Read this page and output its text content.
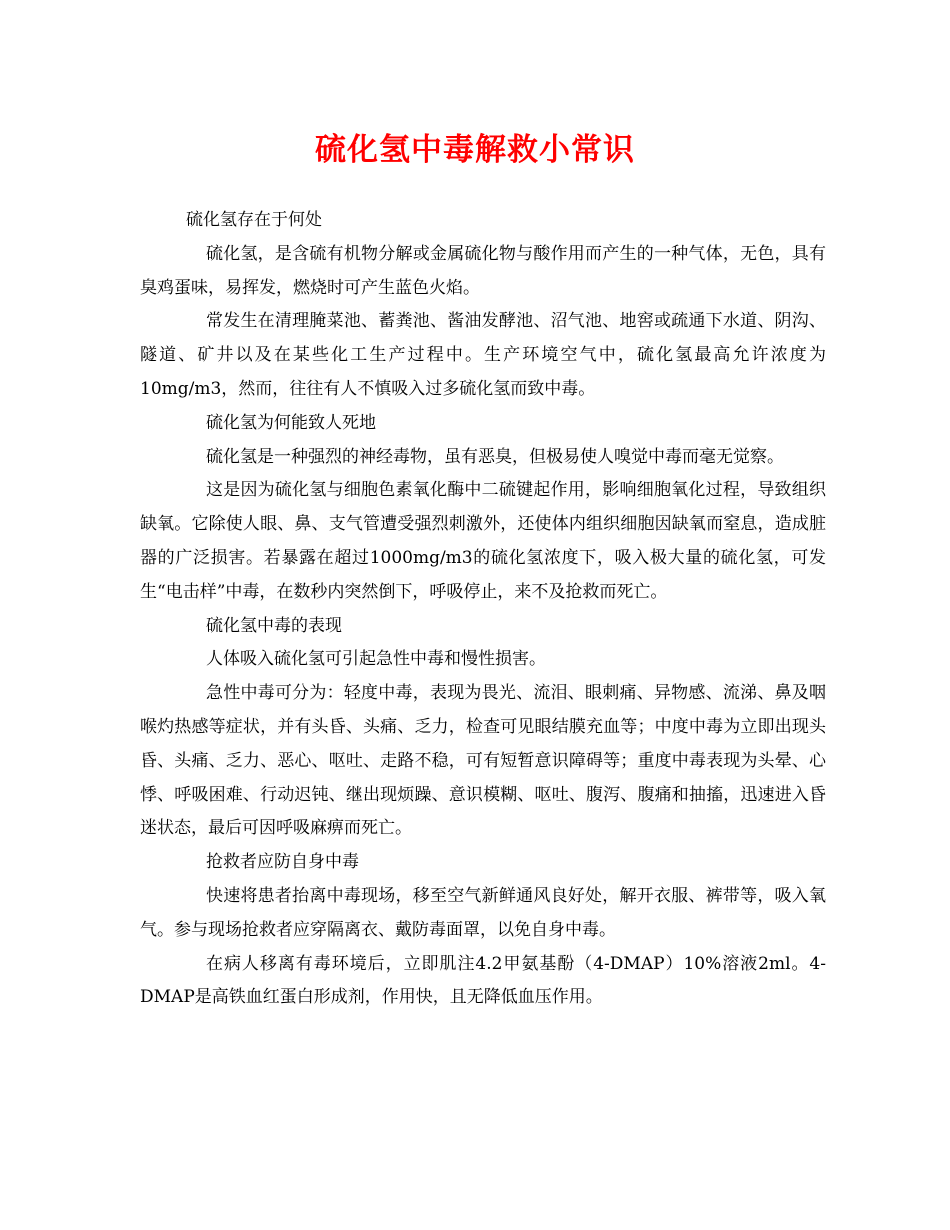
硫化氢中毒解救小常识

硫化氢存在于何处

硫化氢，是含硫有机物分解或金属硫化物与酸作用而产生的一种气体，无色，具有臭鸡蛋味，易挥发，燃烧时可产生蓝色火焰。

常发生在清理腌菜池、蓄粪池、酱油发酵池、沼气池、地窖或疏通下水道、阴沟、隧道、矿井以及在某些化工生产过程中。生产环境空气中，硫化氢最高允许浓度为10mg/m3，然而，往往有人不慎吸入过多硫化氢而致中毒。

硫化氢为何能致人死地

硫化氢是一种强烈的神经毒物，虽有恶臭，但极易使人嗅觉中毒而毫无觉察。

这是因为硫化氢与细胞色素氧化酶中二硫键起作用，影响细胞氧化过程，导致组织缺氧。它除使人眼、鼻、支气管遭受强烈刺激外，还使体内组织细胞因缺氧而窒息，造成脏器的广泛损害。若暴露在超过1000mg/m3的硫化氢浓度下，吸入极大量的硫化氢，可发生“电击样”中毒，在数秒内突然倒下，呼吸停止，来不及抢救而死亡。

硫化氢中毒的表现

人体吸入硫化氢可引起急性中毒和慢性损害。

急性中毒可分为：轻度中毒，表现为畏光、流泪、眼刺痛、异物感、流涕、鼻及咽喉灼热感等症状，并有头昏、头痛、乏力，检查可见眼结膜充血等；中度中毒为立即出现头昏、头痛、乏力、恶心、呕吐、走路不稳，可有短暂意识障碍等；重度中毒表现为头晕、心悸、呼吸困难、行动迟钝、继出现烦躁、意识模糊、呕吐、腹泻、腹痛和抽搐，迅速进入昏迷状态，最后可因呼吸麻痹而死亡。

抢救者应防自身中毒

快速将患者抬离中毒现场，移至空气新鲜通风良好处，解开衣服、裤带等，吸入氧气。参与现场抢救者应穿隔离衣、戴防毒面罩，以免自身中毒。

在病人移离有毒环境后，立即肌注4.2甲氨基酚（4-DMAP）10%溶液2ml。4-DMAP是高铁血红蛋白形成剂，作用快，且无降低血压作用。
